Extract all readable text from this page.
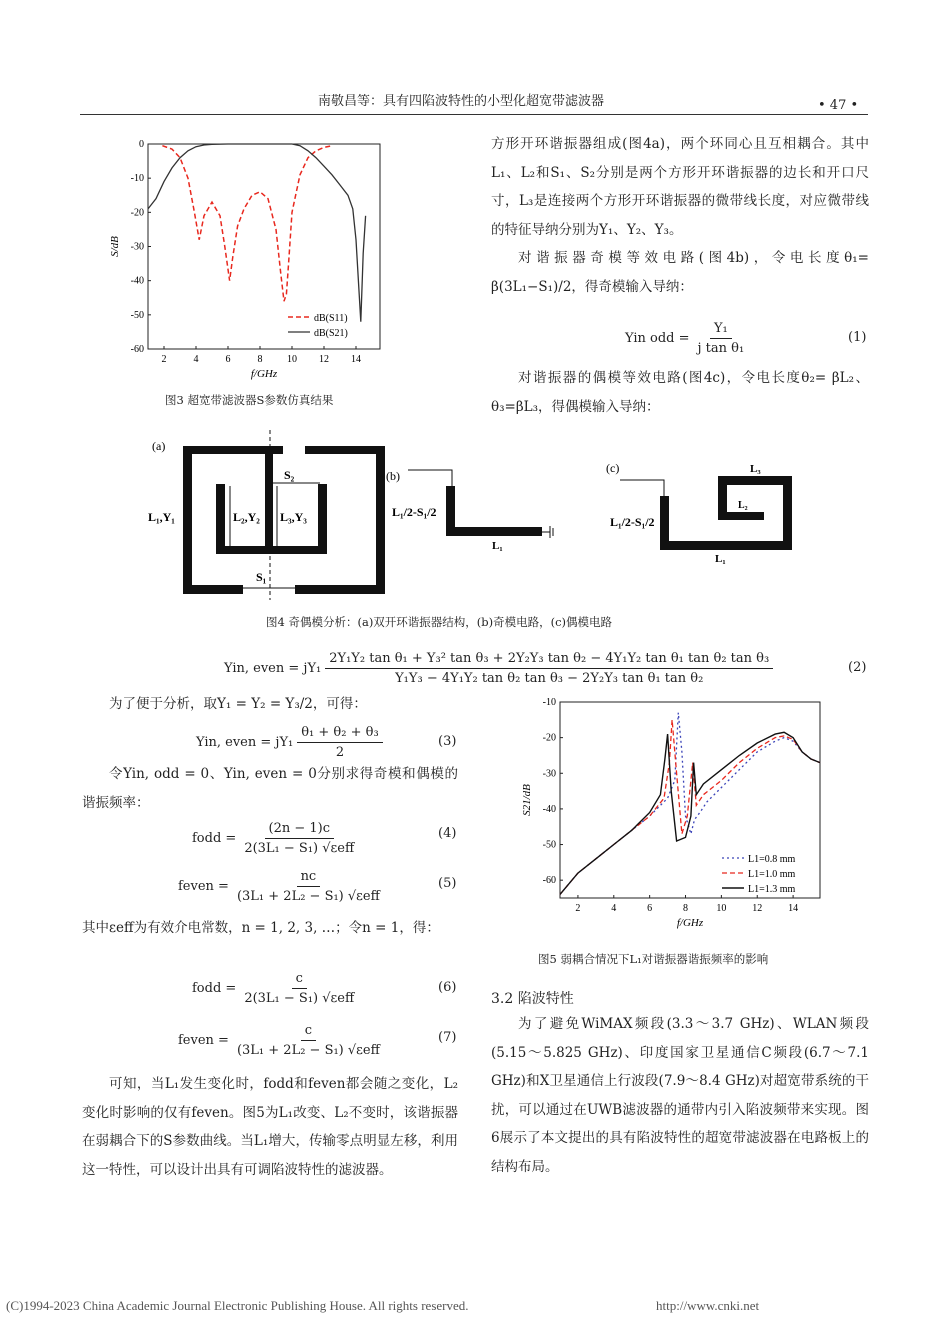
南敬昌等：具有四陷波特性的小型化超宽带滤波器	• 47 •
2	4	6	8 10 12 14
0
-10
-20
-30
-40
-50
-60
f/GHz
S/dB
dB(S11)
dB(S21)
图3 超宽带滤波器S参数仿真结果

方形开环谐振器组成(图4a)，两个环同心且互相耦合。其中L₁、L₂和S₁、S₂分别是两个方形开环谐振器的边长和开口尺寸，L₃是连接两个方形开环谐振器的微带线长度，对应微带线的特征导纳分别为Y₁、Y₂、Y₃。

对谐振器奇模等效电路(图4b)，令电长度θ₁= β(3L₁−S₁)/2，得奇模输入导纳：

Yin odd = $\frac{\text{Y₁}}{\text{j tan θ₁}}$	(1)
对谐振器的偶模等效电路(图4c)，令电长度θ₂= βL₂、θ₃=βL₃，得偶模输入导纳：
(a)
L₁,Y₁	L₂,Y₂ L₃,Y₃
S₂
S₁
(b)
L₁/2-S₁/2
L₁
(c)
L₁/2-S₁/2
L₁
L₂
L₃
图4 奇偶模分析：(a)双开环谐振器结构，(b)奇模电路，(c)偶模电路
Yin, even = jY₁
2Y₁Y₂ tan θ₁ + Y₃² tan θ₃ + 2Y₂Y₃ tan θ₂ − 4Y₁Y₂ tan θ₁ tan θ₂ tan θ₃
Y₁Y₃ − 4Y₁Y₂ tan θ₂ tan θ₃ − 2Y₂Y₃ tan θ₁ tan θ₂
(2)

为了便于分析，取Y₁ = Y₂ = Y₃/2，可得：

Yin, even = $jY_1 \frac{\text{θ₁ + θ₂ + θ₃}}{2}$	(3)
令Yin, odd = 0、Yin, even = 0分别求得奇模和偶模的谐振频率：
fodd = $\frac{(2n - 1)c}{\text{2(3L₁ − S₁) √εeff}}$	(4)
feven = $\frac{nc}{\text{(3L₁ + 2L₂ − S₁) √εeff}}$	(5)
其中εeff为有效介电常数，n = 1, 2, 3, …；令n = 1，得：
fodd = $\frac{c}{\text{2(3L₁ − S₁) √εeff}}$	(6)
feven = $\frac{c}{\text{(3L₁ + 2L₂ − S₁) √εeff}}$	(7)
可知，当L₁发生变化时，fodd和feven都会随之变化，L₂变化时影响的仅有feven。图5为L₁改变、L₂不变时，该谐振器在弱耦合下的S参数曲线。当L₁增大，传输零点明显左移，利用这一特性，可以设计出具有可调陷波特性的滤波器。
2	4	6	8	10	12	14
-10
-20
-30
-40
-50
-60
f/GHz
S21/dB
L1=0.8 mm
L1=1.0 mm
L1=1.3 mm
图5 弱耦合情况下L₁对谐振器谐振频率的影响
3.2 陷波特性
为了避免WiMAX频段(3.3～3.7 GHz)、WLAN频段(5.15～5.825 GHz)、印度国家卫星通信C频段(6.7～7.1 GHz)和X卫星通信上行波段(7.9～8.4 GHz)对超宽带系统的干扰，可以通过在UWB滤波器的通带内引入陷波频带来实现。图6展示了本文提出的具有陷波特性的超宽带滤波器在电路板上的结构布局。
(C)1994-2023 China Academic Journal Electronic Publishing House. All rights reserved.	http://www.cnki.net
